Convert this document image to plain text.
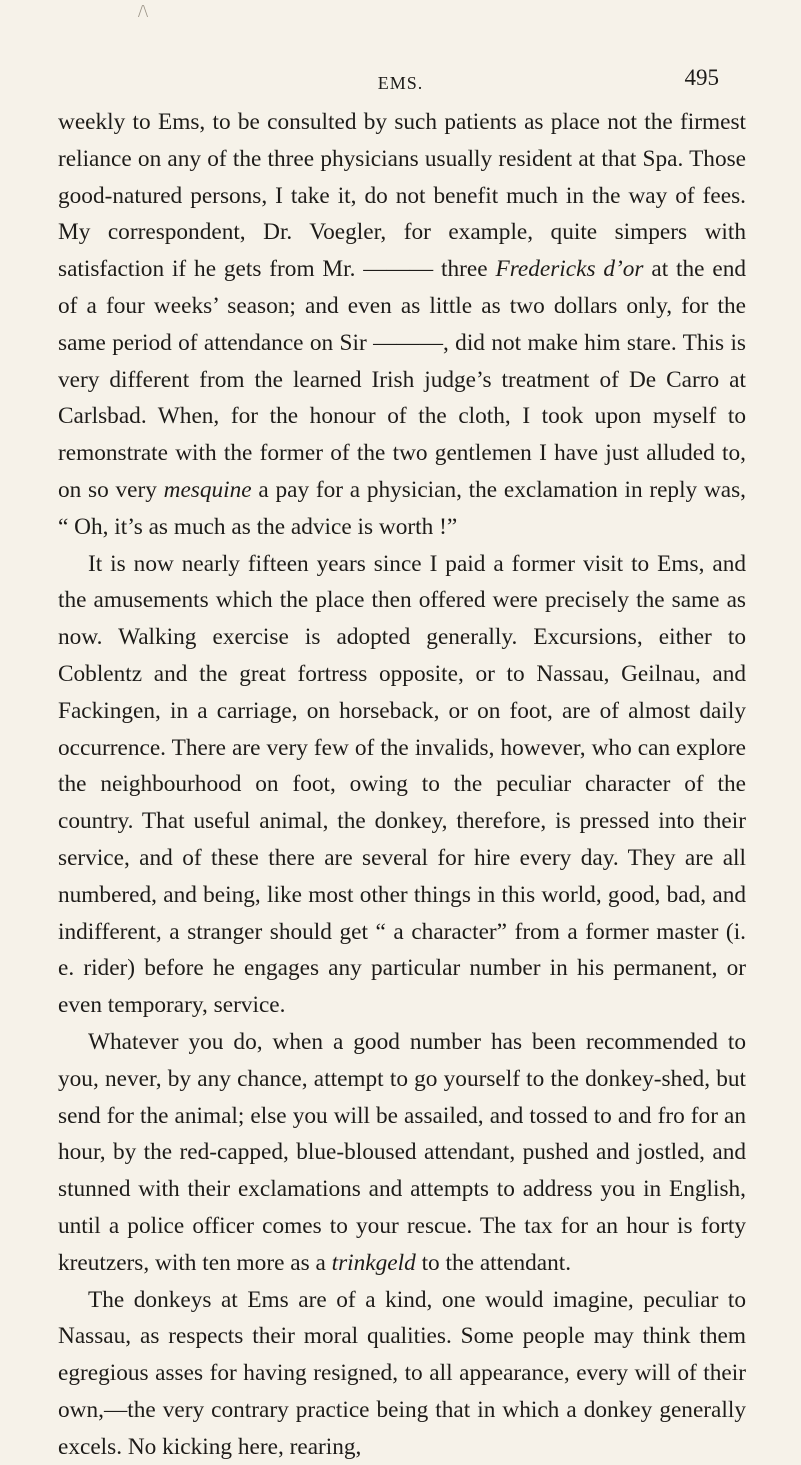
/\
EMS.	495

weekly to Ems, to be consulted by such patients as place not the firmest reliance on any of the three physicians usually resident at that Spa. Those good-natured persons, I take it, do not benefit much in the way of fees. My correspondent, Dr. Voegler, for example, quite simpers with satisfaction if he gets from Mr. ——— three Fredericks d’or at the end of a four weeks’ season; and even as little as two dollars only, for the same period of attendance on Sir ———, did not make him stare. This is very different from the learned Irish judge’s treatment of De Carro at Carlsbad. When, for the honour of the cloth, I took upon myself to remonstrate with the former of the two gentlemen I have just alluded to, on so very mesquine a pay for a physician, the exclamation in reply was, “ Oh, it’s as much as the advice is worth !”

It is now nearly fifteen years since I paid a former visit to Ems, and the amusements which the place then offered were precisely the same as now. Walking exercise is adopted generally. Excursions, either to Coblentz and the great fortress opposite, or to Nassau, Geilnau, and Fackingen, in a carriage, on horseback, or on foot, are of almost daily occurrence. There are very few of the invalids, however, who can explore the neighbourhood on foot, owing to the peculiar character of the country. That useful animal, the donkey, therefore, is pressed into their service, and of these there are several for hire every day. They are all numbered, and being, like most other things in this world, good, bad, and indifferent, a stranger should get “ a character” from a former master (i. e. rider) before he engages any particular number in his permanent, or even temporary, service.

Whatever you do, when a good number has been recommended to you, never, by any chance, attempt to go yourself to the donkey-shed, but send for the animal; else you will be assailed, and tossed to and fro for an hour, by the red-capped, blue-bloused attendant, pushed and jostled, and stunned with their exclamations and attempts to address you in English, until a police officer comes to your rescue. The tax for an hour is forty kreutzers, with ten more as a trinkgeld to the attendant.

The donkeys at Ems are of a kind, one would imagine, peculiar to Nassau, as respects their moral qualities. Some people may think them egregious asses for having resigned, to all appearance, every will of their own,—the very contrary practice being that in which a donkey generally excels. No kicking here, rearing,
